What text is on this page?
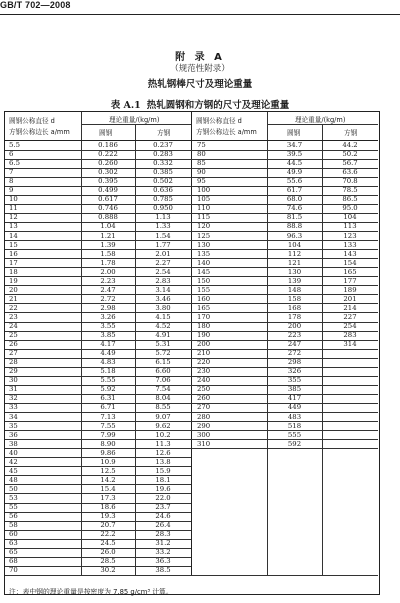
GB/T 702—2008
附 录 A
（规范性附录）
热轧钢棒尺寸及理论重量
表 A.1 热轧圆钢和方钢的尺寸及理论重量
圆钢公称直径 d
方钢公称边长 a/mm
理论重量/(kg/m)
圆钢	方钢
圆钢公称直径 d
方钢公称边长 a/mm
理论重量/(kg/m)
圆钢	方钢
5.5	0.186	0.237
6	0.222	0.283
6.5	0.260	0.332
7	0.302	0.385
8	0.395	0.502
9	0.499	0.636
10	0.617	0.785
11	0.746	0.950
12	0.888	1.13
13	1.04	1.33
14	1.21	1.54
15	1.39	1.77
16	1.58	2.01
17	1.78	2.27
18	2.00	2.54
19	2.23	2.83
20	2.47	3.14
21	2.72	3.46
22	2.98	3.80
23	3.26	4.15
24	3.55	4.52
25	3.85	4.91
26	4.17	5.31
27	4.49	5.72
28	4.83	6.15
29	5.18	6.60
30	5.55	7.06
31	5.92	7.54
32	6.31	8.04
33	6.71	8.55
34	7.13	9.07
35	7.55	9.62
36	7.99	10.2
38	8.90	11.3
40	9.86	12.6
42	10.9	13.8
45	12.5	15.9
48	14.2	18.1
50	15.4	19.6
53	17.3	22.0
55	18.6	23.7
56	19.3	24.6
58	20.7	26.4
60	22.2	28.3
63	24.5	31.2
65	26.0	33.2
68	28.5	36.3
70	30.2	38.5
75	34.7	44.2
80	39.5	50.2
85	44.5	56.7
90	49.9	63.6
95	55.6	70.8
100	61.7	78.5
105	68.0	86.5
110	74.6	95.0
115	81.5	104
120	88.8	113
125	96.3	123
130	104	133
135	112	143
140	121	154
145	130	165
150	139	177
155	148	189
160	158	201
165	168	214
170	178	227
180	200	254
190	223	283
200	247	314
210	272
220	298
230	326
240	355
250	385
260	417
270	449
280	483
290	518
300	555
310	592
注：表中钢的理论重量是按密度为 7.85 g/cm³ 计算。
